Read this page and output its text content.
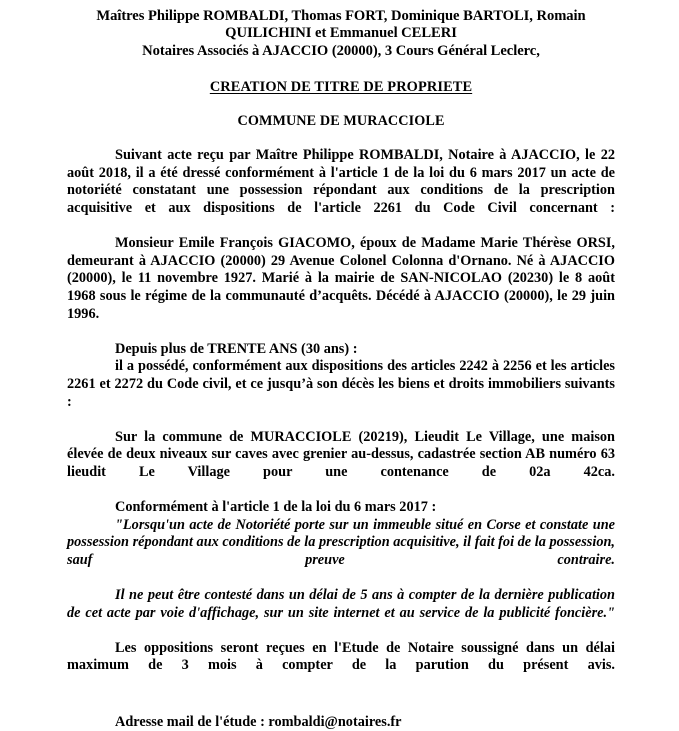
Maîtres Philippe ROMBALDI, Thomas FORT, Dominique BARTOLI, Romain
QUILICHINI et Emmanuel CELERI
Notaires Associés à AJACCIO (20000), 3 Cours Général Leclerc,
CREATION DE TITRE DE PROPRIETE
COMMUNE DE MURACCIOLE

Suivant acte reçu par Maître Philippe ROMBALDI, Notaire à AJACCIO, le 22 août 2018, il a été dressé conformément à l'article 1 de la loi du 6 mars 2017 un acte de notoriété constatant une possession répondant aux conditions de la prescription acquisitive et aux dispositions de l'article 2261 du Code Civil concernant :

Monsieur Emile François GIACOMO, époux de Madame Marie Thérèse ORSI, demeurant à AJACCIO (20000) 29 Avenue Colonel Colonna d'Ornano. Né à AJACCIO (20000), le 11 novembre 1927. Marié à la mairie de SAN-NICOLAO (20230) le 8 août 1968 sous le régime de la communauté d’acquêts. Décédé à AJACCIO (20000), le 29 juin 1996.

Depuis plus de TRENTE ANS (30 ans) :

il a possédé, conformément aux dispositions des articles 2242 à 2256 et les articles 2261 et 2272 du Code civil, et ce jusqu’à son décès les biens et droits immobiliers suivants :

Sur la commune de MURACCIOLE (20219), Lieudit Le Village, une maison élevée de deux niveaux sur caves avec grenier au-dessus, cadastrée section AB numéro 63 lieudit Le Village pour une contenance de 02a 42ca.

Conformément à l'article 1 de la loi du 6 mars 2017 :

"Lorsqu'un acte de Notoriété porte sur un immeuble situé en Corse et constate une possession répondant aux conditions de la prescription acquisitive, il fait foi de la possession, sauf preuve contraire.

Il ne peut être contesté dans un délai de 5 ans à compter de la dernière publication de cet acte par voie d'affichage, sur un site internet et au service de la publicité foncière."

Les oppositions seront reçues en l'Etude de Notaire soussigné dans un délai maximum de 3 mois à compter de la parution du présent avis.

Adresse mail de l'étude : rombaldi@notaires.fr
